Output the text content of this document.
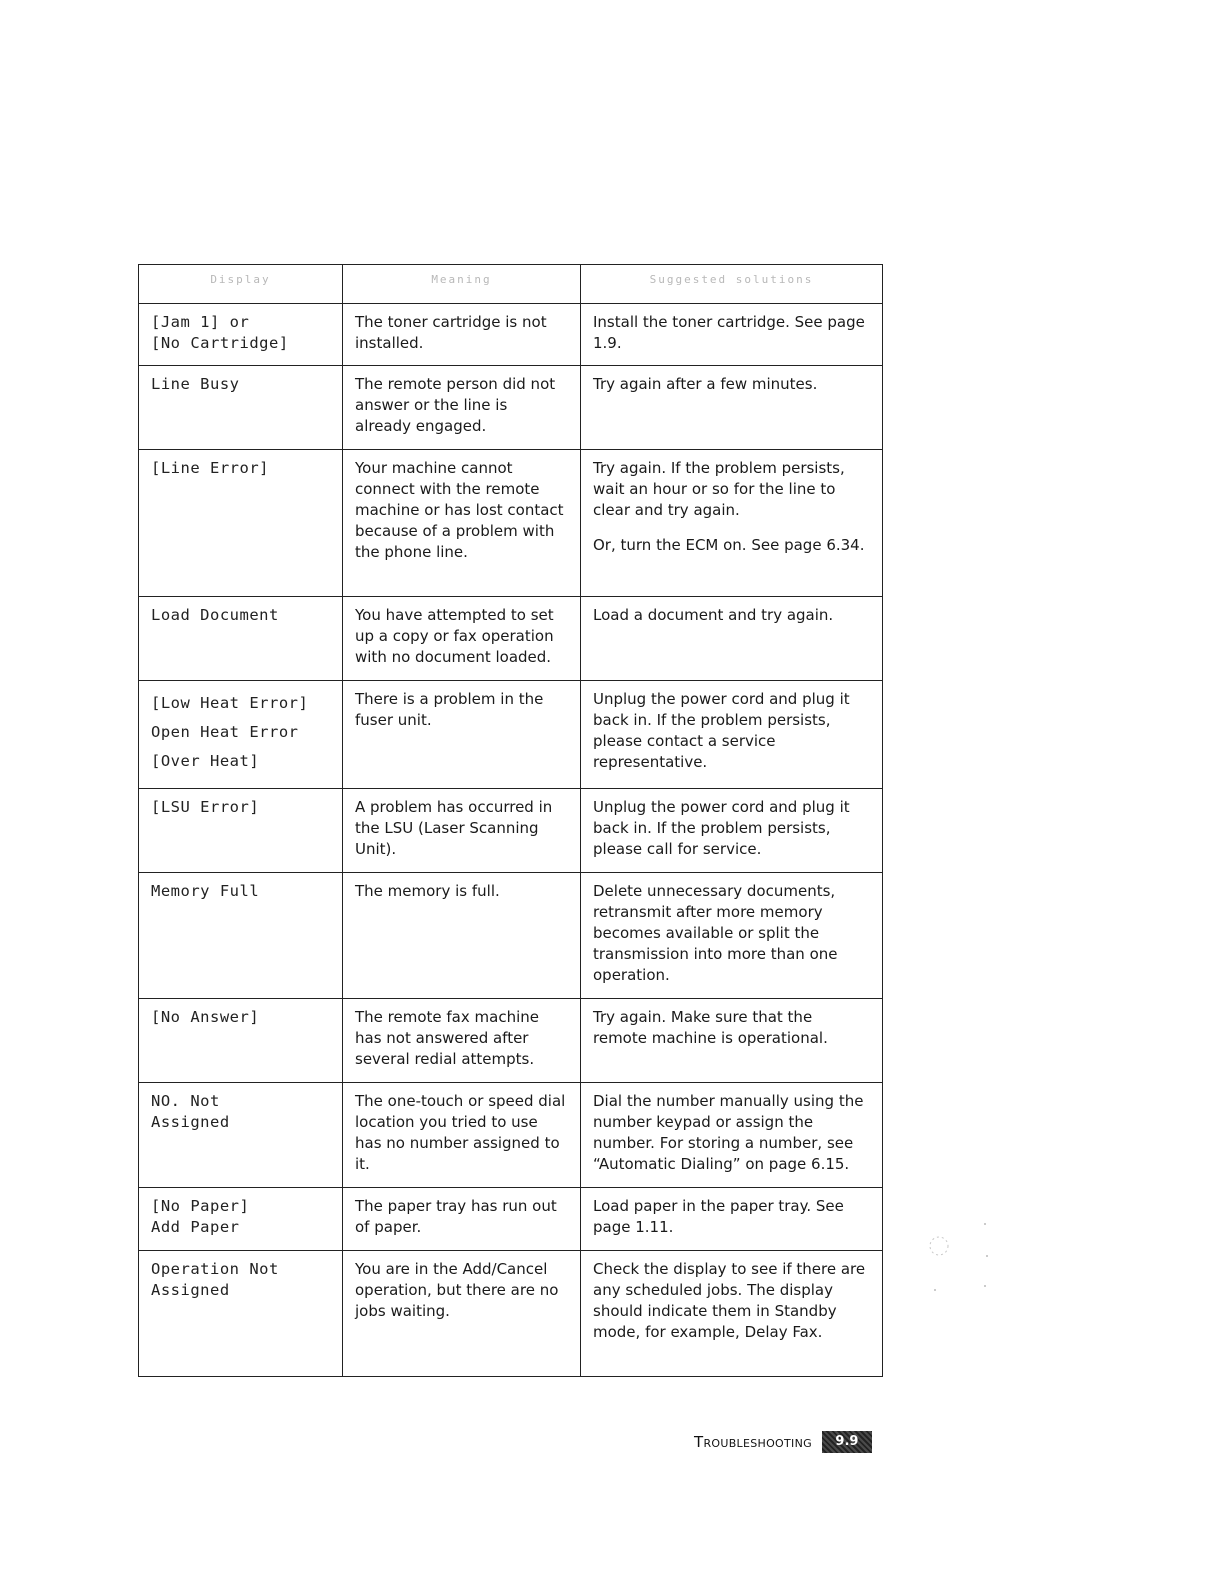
Display	Meaning	Suggested solutions

[Jam 1] or
[No Cartridge]	The toner cartridge is not installed.	Install the toner cartridge. See page 1.9.

Line Busy	The remote person did not answer or the line is already engaged.	Try again after a few minutes.

[Line Error]	Your machine cannot connect with the remote machine or has lost contact because of a problem with the phone line.	Try again. If the problem persists, wait an hour or so for the line to clear and try again.

Or, turn the ECM on. See page 6.34.

Load Document	You have attempted to set up a copy or fax operation with no document loaded.	Load a document and try again.

[Low Heat Error]
Open Heat Error
[Over Heat]	There is a problem in the fuser unit.	Unplug the power cord and plug it back in. If the problem persists, please contact a service representative.

[LSU Error]	A problem has occurred in the LSU (Laser Scanning Unit).	Unplug the power cord and plug it back in. If the problem persists, please call for service.

Memory Full	The memory is full.	Delete unnecessary documents, retransmit after more memory becomes available or split the transmission into more than one operation.

[No Answer]	The remote fax machine has not answered after several redial attempts.	Try again. Make sure that the remote machine is operational.

NO. Not
Assigned	The one-touch or speed dial location you tried to use has no number assigned to it.	Dial the number manually using the number keypad or assign the number. For storing a number, see “Automatic Dialing” on page 6.15.

[No Paper]
Add Paper	The paper tray has run out of paper.	Load paper in the paper tray. See page 1.11.

Operation Not
Assigned	You are in the Add/Cancel operation, but there are no jobs waiting.	Check the display to see if there are any scheduled jobs. The display should indicate them in Standby mode, for example, Delay Fax.

Troubleshooting	9.9
